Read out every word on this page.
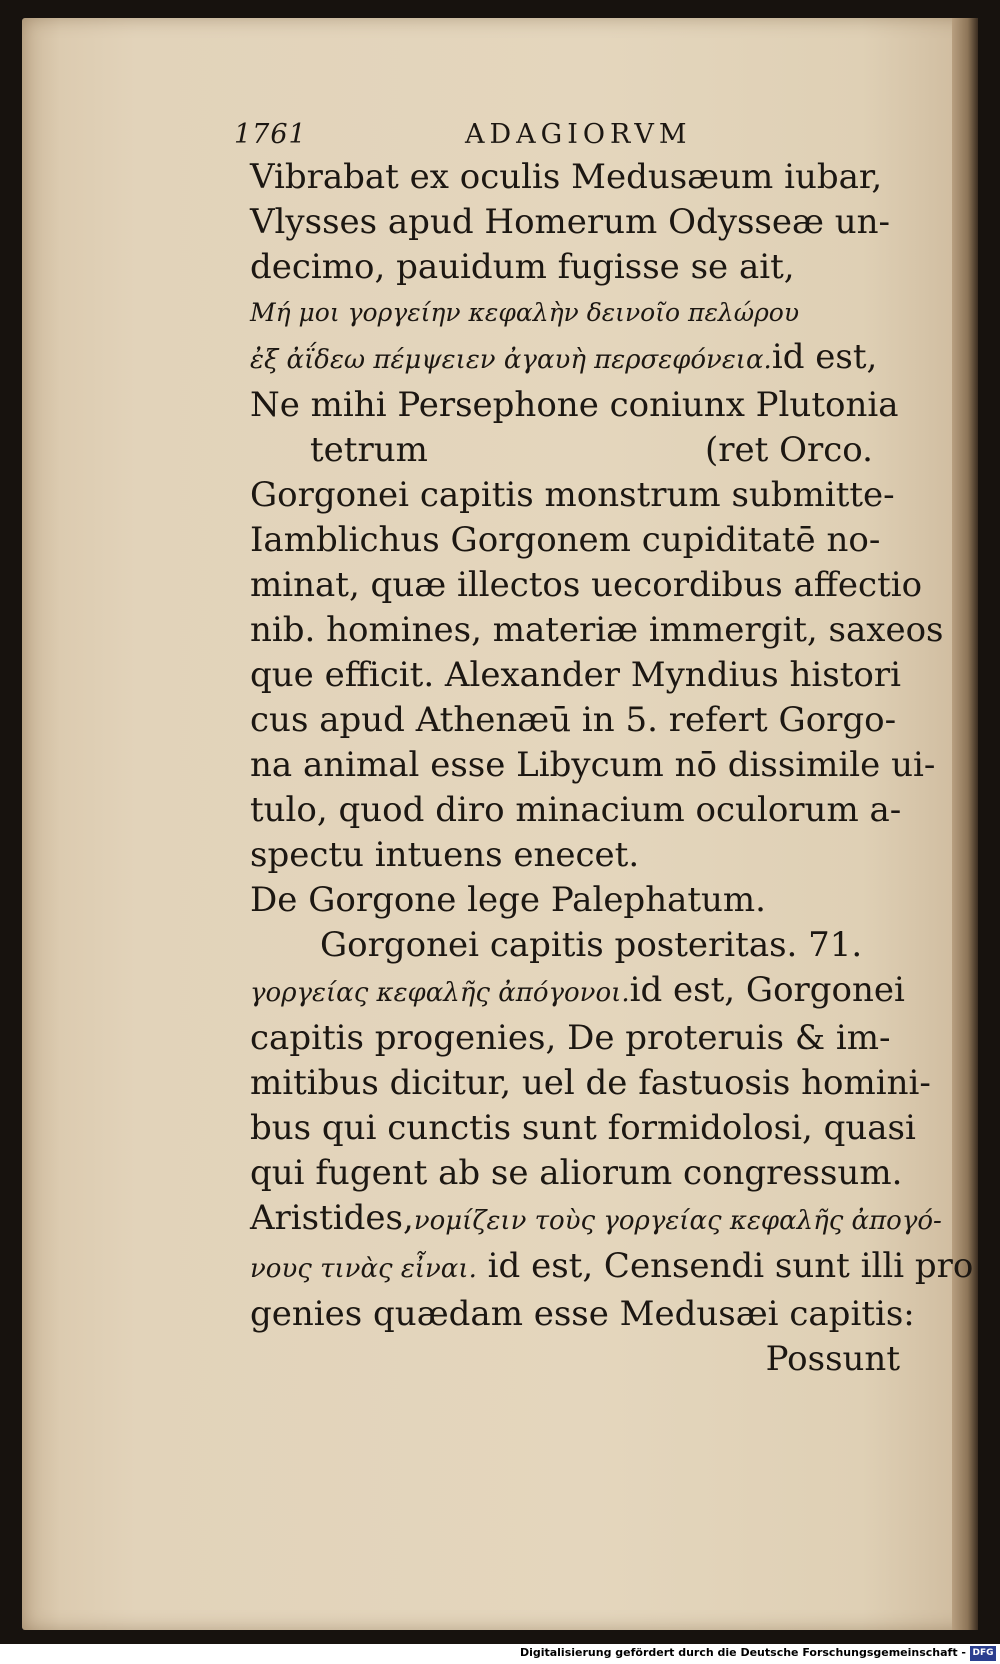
1761	ADAGIORVM
Vibrabat ex oculis Medusæum iubar,
Vlysses apud Homerum Odysseæ un-
decimo, pauidum fugisse se ait,
Μή μοι γοργείην κεφαλὴν δεινοῖο πελώρου
ἐξ ἀΐδεω πέμψειεν ἀγαυὴ περσεφόνεια.id est,
Ne mihi Persephone coniunx Plutonia
tetrum	(ret Orco.
Gorgonei capitis monstrum submitte-
Iamblichus Gorgonem cupiditatē no-
minat, quæ illectos uecordibus affectio
nib. homines, materiæ immergit, saxeos
que efficit. Alexander Myndius histori
cus apud Athenæū in 5. refert Gorgo-
na animal esse Libycum nō dissimile ui-
tulo, quod diro minacium oculorum a-
spectu intuens enecet.
De Gorgone lege Palephatum.
Gorgonei capitis posteritas. 71.
γοργείας κεφαλῆς ἀπόγονοι.id est, Gorgonei
capitis progenies, De proteruis & im-
mitibus dicitur, uel de fastuosis homini-
bus qui cunctis sunt formidolosi, quasi
qui fugent ab se aliorum congressum.
Aristides,νομίζειν τοὺς γοργείας κεφαλῆς ἀπογό-
νους τινὰς εἶναι. id est, Censendi sunt illi pro
genies quædam esse Medusæi capitis:
Possunt
Digitalisierung gefördert durch die Deutsche Forschungsgemeinschaft - DFG
